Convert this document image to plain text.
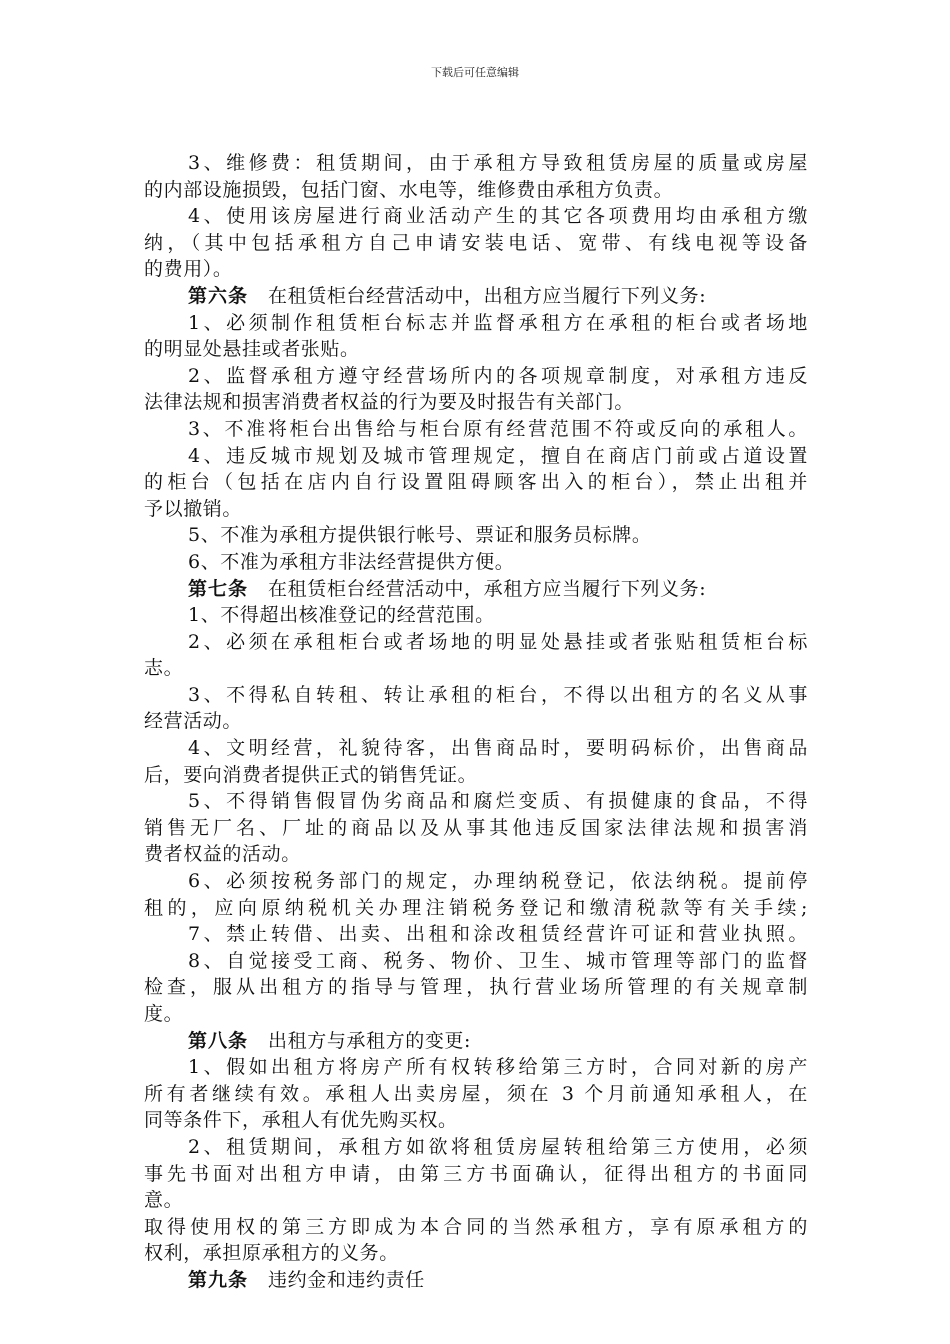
下载后可任意编辑
3、维修费：租赁期间，由于承租方导致租赁房屋的质量或房屋
的内部设施损毁，包括门窗、水电等，维修费由承租方负责。
4、使用该房屋进行商业活动产生的其它各项费用均由承租方缴
纳，（其中包括承租方自己申请安装电话、宽带、有线电视等设备
的费用）。
第六条 在租赁柜台经营活动中，出租方应当履行下列义务:
1、必须制作租赁柜台标志并监督承租方在承租的柜台或者场地
的明显处悬挂或者张贴。
2、监督承租方遵守经营场所内的各项规章制度，对承租方违反
法律法规和损害消费者权益的行为要及时报告有关部门。
3、不准将柜台出售给与柜台原有经营范围不符或反向的承租人。
4、违反城市规划及城市管理规定，擅自在商店门前或占道设置
的柜台（包括在店内自行设置阻碍顾客出入的柜台），禁止出租并
予以撤销。
5、不准为承租方提供银行帐号、票证和服务员标牌。
6、不准为承租方非法经营提供方便。
第七条 在租赁柜台经营活动中，承租方应当履行下列义务:
1、不得超出核准登记的经营范围。
2、必须在承租柜台或者场地的明显处悬挂或者张贴租赁柜台标
志。
3、不得私自转租、转让承租的柜台，不得以出租方的名义从事
经营活动。
4、文明经营，礼貌待客，出售商品时，要明码标价，出售商品
后，要向消费者提供正式的销售凭证。
5、不得销售假冒伪劣商品和腐烂变质、有损健康的食品，不得
销售无厂名、厂址的商品以及从事其他违反国家法律法规和损害消
费者权益的活动。
6、必须按税务部门的规定，办理纳税登记，依法纳税。提前停
租的，应向原纳税机关办理注销税务登记和缴清税款等有关手续;
7、禁止转借、出卖、出租和涂改租赁经营许可证和营业执照。
8、自觉接受工商、税务、物价、卫生、城市管理等部门的监督
检查，服从出租方的指导与管理，执行营业场所管理的有关规章制
度。
第八条 出租方与承租方的变更:
1、假如出租方将房产所有权转移给第三方时，合同对新的房产
所有者继续有效。承租人出卖房屋，须在 3 个月前通知承租人，在
同等条件下，承租人有优先购买权。
2、租赁期间，承租方如欲将租赁房屋转租给第三方使用，必须
事先书面对出租方申请，由第三方书面确认，征得出租方的书面同
意。
取得使用权的第三方即成为本合同的当然承租方，享有原承租方的
权利，承担原承租方的义务。
第九条 违约金和违约责任
